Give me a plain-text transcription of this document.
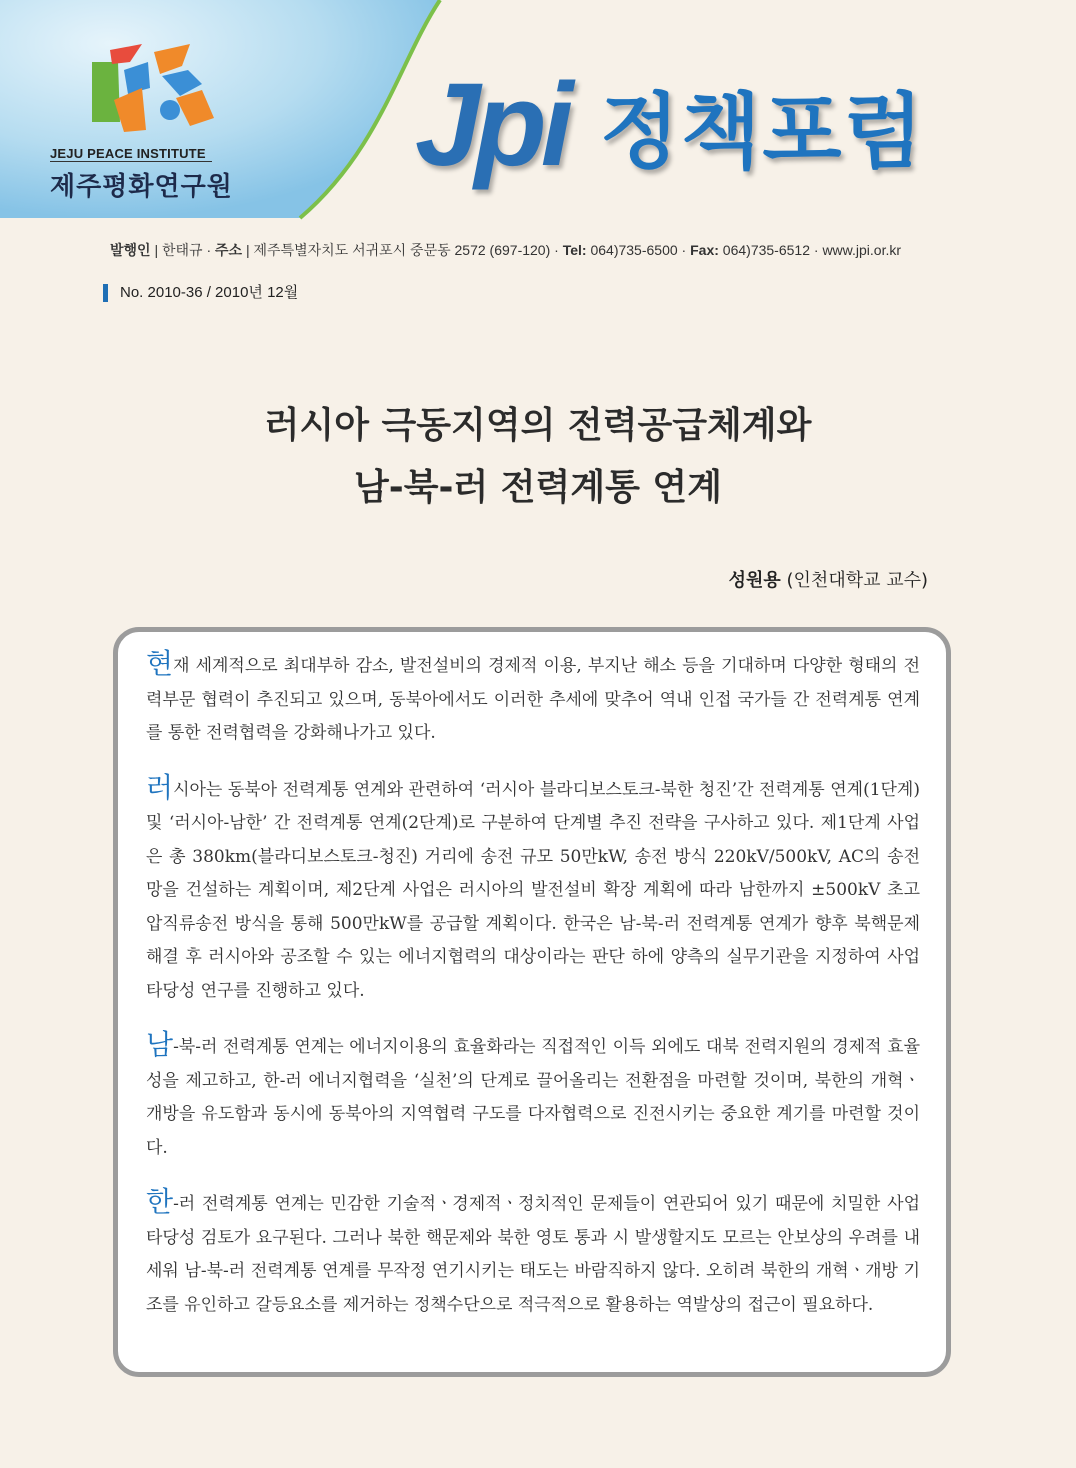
JEJU PEACE INSTITUTE
제주평화연구원 Jpi 정책포럼
발행인 | 한태규 · 주소 | 제주특별자치도 서귀포시 중문동 2572 (697-120) · Tel: 064)735-6500 · Fax: 064)735-6512 · www.jpi.or.kr
No. 2010-36 / 2010년 12월
러시아 극동지역의 전력공급체계와
남-북-러 전력계통 연계
성원용 (인천대학교 교수)

현재 세계적으로 최대부하 감소, 발전설비의 경제적 이용, 부지난 해소 등을 기대하며 다양한 형태의 전력부문 협력이 추진되고 있으며, 동북아에서도 이러한 추세에 맞추어 역내 인접 국가들 간 전력계통 연계를 통한 전력협력을 강화해나가고 있다.

러시아는 동북아 전력계통 연계와 관련하여 ‘러시아 블라디보스토크-북한 청진’간 전력계통 연계(1단계) 및 ‘러시아-남한’ 간 전력계통 연계(2단계)로 구분하여 단계별 추진 전략을 구사하고 있다. 제1단계 사업은 총 380km(블라디보스토크-청진) 거리에 송전 규모 50만kW, 송전 방식 220kV/500kV, AC의 송전망을 건설하는 계획이며, 제2단계 사업은 러시아의 발전설비 확장 계획에 따라 남한까지 ±500kV 초고압직류송전 방식을 통해 500만kW를 공급할 계획이다. 한국은 남-북-러 전력계통 연계가 향후 북핵문제 해결 후 러시아와 공조할 수 있는 에너지협력의 대상이라는 판단 하에 양측의 실무기관을 지정하여 사업타당성 연구를 진행하고 있다.

남-북-러 전력계통 연계는 에너지이용의 효율화라는 직접적인 이득 외에도 대북 전력지원의 경제적 효율성을 제고하고, 한-러 에너지협력을 ‘실천’의 단계로 끌어올리는 전환점을 마련할 것이며, 북한의 개혁ㆍ개방을 유도함과 동시에 동북아의 지역협력 구도를 다자협력으로 진전시키는 중요한 계기를 마련할 것이다.

한-러 전력계통 연계는 민감한 기술적ㆍ경제적ㆍ정치적인 문제들이 연관되어 있기 때문에 치밀한 사업타당성 검토가 요구된다. 그러나 북한 핵문제와 북한 영토 통과 시 발생할지도 모르는 안보상의 우려를 내세워 남-북-러 전력계통 연계를 무작정 연기시키는 태도는 바람직하지 않다. 오히려 북한의 개혁ㆍ개방 기조를 유인하고 갈등요소를 제거하는 정책수단으로 적극적으로 활용하는 역발상의 접근이 필요하다.
